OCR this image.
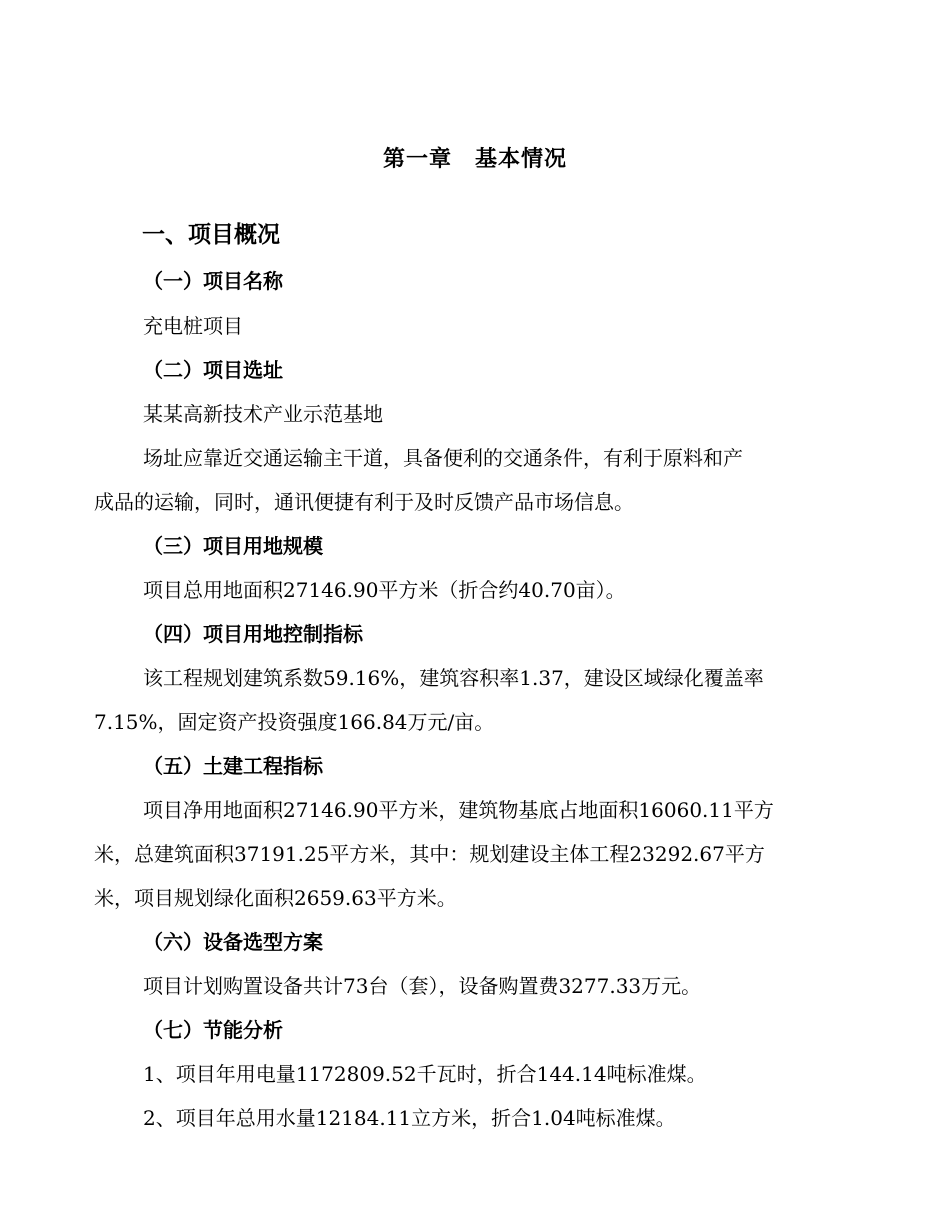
第一章　基本情况
一、项目概况
（一）项目名称
充电桩项目
（二）项目选址
某某高新技术产业示范基地
场址应靠近交通运输主干道，具备便利的交通条件，有利于原料和产
成品的运输，同时，通讯便捷有利于及时反馈产品市场信息。
（三）项目用地规模
项目总用地面积27146.90平方米（折合约40.70亩）。
（四）项目用地控制指标
该工程规划建筑系数59.16%，建筑容积率1.37，建设区域绿化覆盖率
7.15%，固定资产投资强度166.84万元/亩。
（五）土建工程指标
项目净用地面积27146.90平方米，建筑物基底占地面积16060.11平方
米，总建筑面积37191.25平方米，其中：规划建设主体工程23292.67平方
米，项目规划绿化面积2659.63平方米。
（六）设备选型方案
项目计划购置设备共计73台（套），设备购置费3277.33万元。
（七）节能分析
1、项目年用电量1172809.52千瓦时，折合144.14吨标准煤。
2、项目年总用水量12184.11立方米，折合1.04吨标准煤。
